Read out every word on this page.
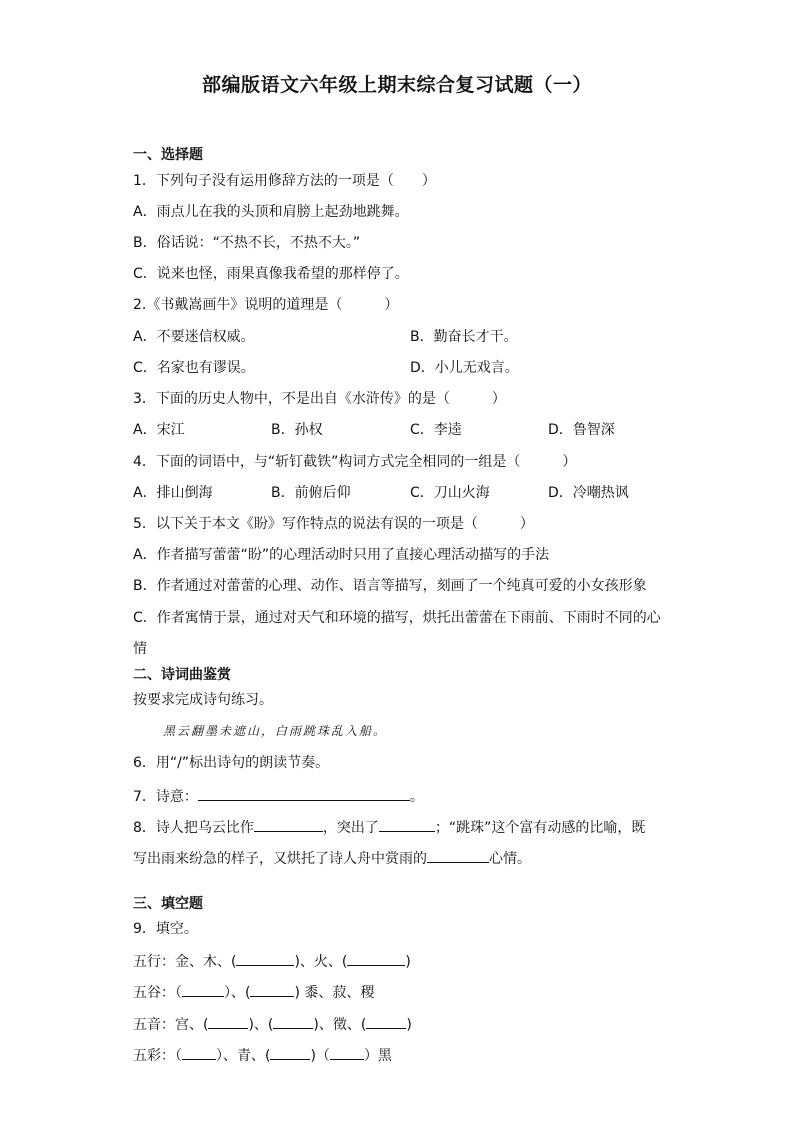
部编版语文六年级上期末综合复习试题（一）
一、选择题
1．下列句子没有运用修辞方法的一项是（　　）
A．雨点儿在我的头顶和肩膀上起劲地跳舞。
B．俗话说：“不热不长，不热不大。”
C．说来也怪，雨果真像我希望的那样停了。
2.《书戴嵩画牛》说明的道理是（　　　）
A．不要迷信权威。	B．勤奋长才干。
C．名家也有谬误。	D．小儿无戏言。
3．下面的历史人物中，不是出自《水浒传》的是（　　　）
A．宋江	B．孙权	C．李逵	D．鲁智深
4．下面的词语中，与“斩钉截铁”构词方式完全相同的一组是（　　　）
A．排山倒海	B．前俯后仰	C．刀山火海	D．冷嘲热讽
5．以下关于本文《盼》写作特点的说法有误的一项是（　　　）
A．作者描写蕾蕾“盼”的心理活动时只用了直接心理活动描写的手法
B．作者通过对蕾蕾的心理、动作、语言等描写，刻画了一个纯真可爱的小女孩形象
C．作者寓情于景，通过对天气和环境的描写，烘托出蕾蕾在下雨前、下雨时不同的心
情
二、诗词曲鉴赏
按要求完成诗句练习。
黑云翻墨未遮山，白雨跳珠乱入船。
6．用“/”标出诗句的朗读节奏。
7．诗意：	。
8．诗人把乌云比作	，突出了	；“跳珠”这个富有动感的比喻，既
写出雨来纷急的样子，又烘托了诗人舟中赏雨的	心情。
三、填空题
9．填空。
五行：金、木、(	)、火、(	)
五谷：（	）、(	) 黍、菽、稷
五音：宫、(	)、(	)、徵、(	)
五彩：（ ）、青、(	)（ ）黑
